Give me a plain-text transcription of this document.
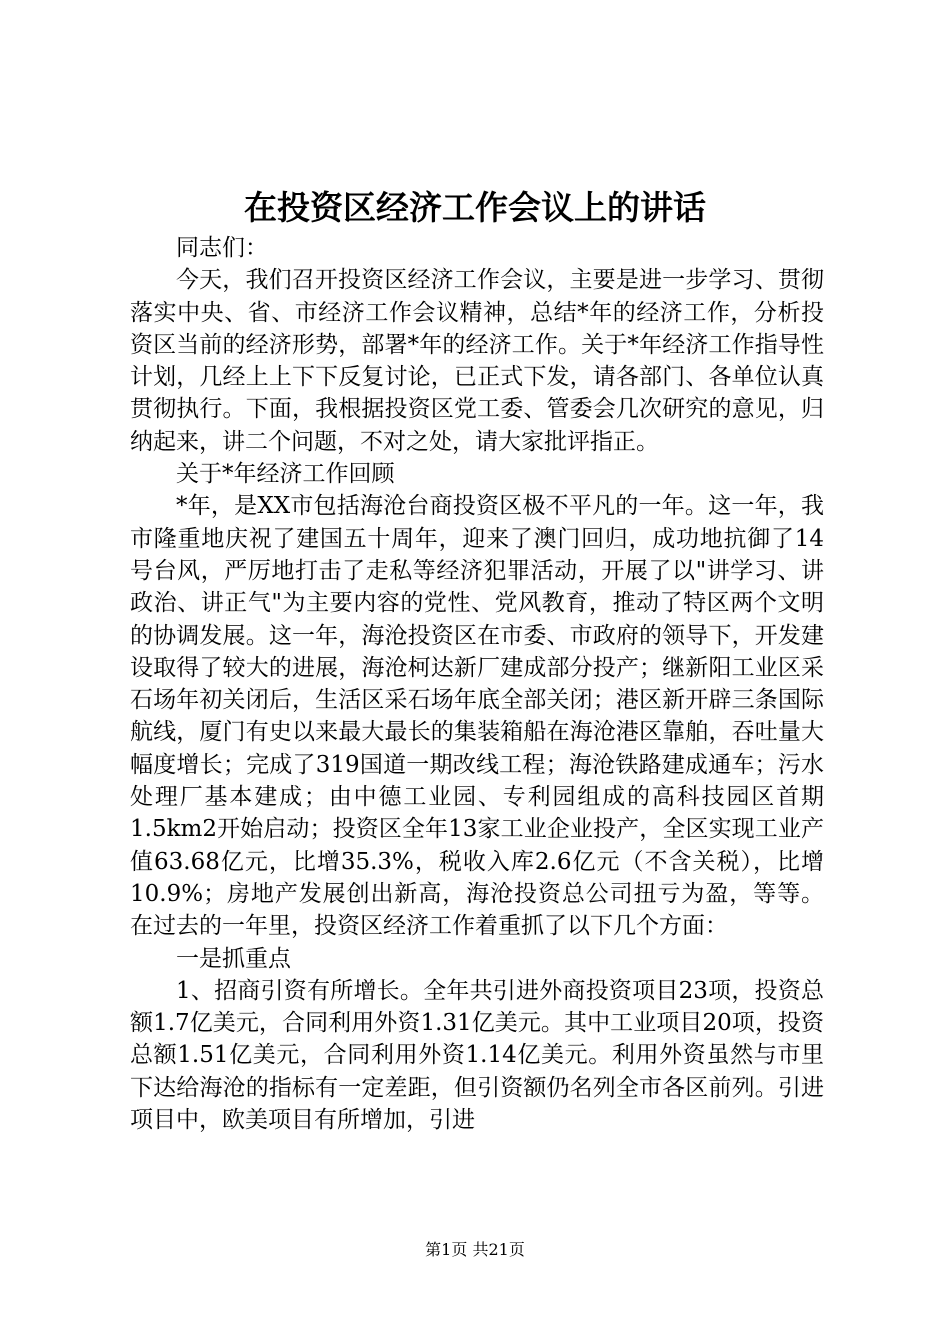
在投资区经济工作会议上的讲话

同志们：

今天，我们召开投资区经济工作会议，主要是进一步学习、贯彻落实中央、省、市经济工作会议精神，总结*年的经济工作，分析投资区当前的经济形势，部署*年的经济工作。关于*年经济工作指导性计划，几经上上下下反复讨论，已正式下发，请各部门、各单位认真贯彻执行。下面，我根据投资区党工委、管委会几次研究的意见，归纳起来，讲二个问题，不对之处，请大家批评指正。

关于*年经济工作回顾

*年，是XX市包括海沧台商投资区极不平凡的一年。这一年，我市隆重地庆祝了建国五十周年，迎来了澳门回归，成功地抗御了14号台风，严厉地打击了走私等经济犯罪活动，开展了以"讲学习、讲政治、讲正气"为主要内容的党性、党风教育，推动了特区两个文明的协调发展。这一年，海沧投资区在市委、市政府的领导下，开发建设取得了较大的进展，海沧柯达新厂建成部分投产；继新阳工业区采石场年初关闭后，生活区采石场年底全部关闭；港区新开辟三条国际航线，厦门有史以来最大最长的集装箱船在海沧港区靠舶，吞吐量大幅度增长；完成了319国道一期改线工程；海沧铁路建成通车；污水处理厂基本建成；由中德工业园、专利园组成的高科技园区首期1.5km2开始启动；投资区全年13家工业企业投产，全区实现工业产值63.68亿元，比增35.3%，税收入库2.6亿元（不含关税），比增10.9%；房地产发展创出新高，海沧投资总公司扭亏为盈，等等。在过去的一年里，投资区经济工作着重抓了以下几个方面：

一是抓重点

1、招商引资有所增长。全年共引进外商投资项目23项，投资总额1.7亿美元，合同利用外资1.31亿美元。其中工业项目20项，投资总额1.51亿美元，合同利用外资1.14亿美元。利用外资虽然与市里下达给海沧的指标有一定差距，但引资额仍名列全市各区前列。引进项目中，欧美项目有所增加，引进

第1页 共21页
